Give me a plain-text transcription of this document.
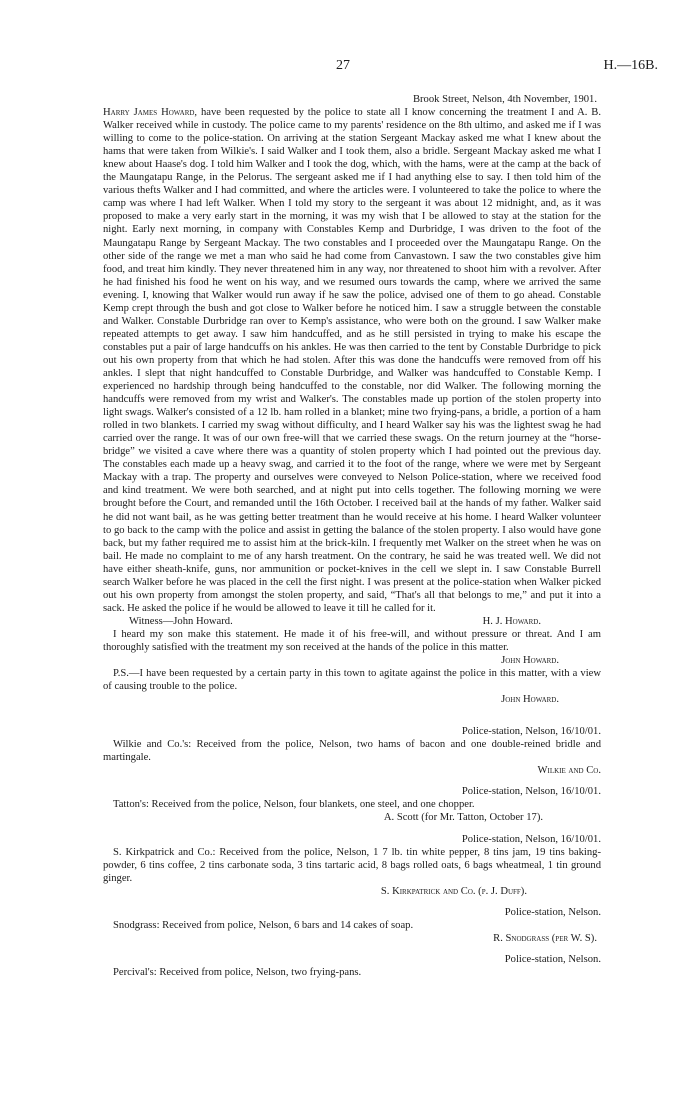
27	H.—16B.

Brook Street, Nelson, 4th November, 1901.

Harry James Howard, have been requested by the police to state all I know concerning the treatment I and A. B. Walker received while in custody. The police came to my parents' residence on the 8th ultimo, and asked me if I was willing to come to the police-station. On arriving at the station Sergeant Mackay asked me what I knew about the hams that were taken from Wilkie's. I said Walker and I took them, also a bridle. Sergeant Mackay asked me what I knew about Haase's dog. I told him Walker and I took the dog, which, with the hams, were at the camp at the back of the Maungatapu Range, in the Pelorus. The sergeant asked me if I had anything else to say. I then told him of the various thefts Walker and I had committed, and where the articles were. I volunteered to take the police to where the camp was where I had left Walker. When I told my story to the sergeant it was about 12 midnight, and, as it was proposed to make a very early start in the morning, it was my wish that I be allowed to stay at the station for the night. Early next morning, in company with Constables Kemp and Durbridge, I was driven to the foot of the Maungatapu Range by Sergeant Mackay. The two constables and I proceeded over the Maungatapu Range. On the other side of the range we met a man who said he had come from Canvastown. I saw the two constables give him food, and treat him kindly. They never threatened him in any way, nor threatened to shoot him with a revolver. After he had finished his food he went on his way, and we resumed ours towards the camp, where we arrived the same evening. I, knowing that Walker would run away if he saw the police, advised one of them to go ahead. Constable Kemp crept through the bush and got close to Walker before he noticed him. I saw a struggle between the constable and Walker. Constable Durbridge ran over to Kemp's assistance, who were both on the ground. I saw Walker make repeated attempts to get away. I saw him handcuffed, and as he still persisted in trying to make his escape the constables put a pair of large handcuffs on his ankles. He was then carried to the tent by Constable Durbridge to pick out his own property from that which he had stolen. After this was done the handcuffs were removed from off his ankles. I slept that night handcuffed to Constable Durbridge, and Walker was handcuffed to Constable Kemp. I experienced no hardship through being handcuffed to the constable, nor did Walker. The following morning the handcuffs were removed from my wrist and Walker's. The constables made up portion of the stolen property into light swags. Walker's consisted of a 12 lb. ham rolled in a blanket; mine two frying-pans, a bridle, a portion of a ham rolled in two blankets. I carried my swag without difficulty, and I heard Walker say his was the lightest swag he had carried over the range. It was of our own free-will that we carried these swags. On the return journey at the “horse-bridge” we visited a cave where there was a quantity of stolen property which I had pointed out the previous day. The constables each made up a heavy swag, and carried it to the foot of the range, where we were met by Sergeant Mackay with a trap. The property and ourselves were conveyed to Nelson Police-station, where we received food and kind treatment. We were both searched, and at night put into cells together. The following morning we were brought before the Court, and remanded until the 16th October. I received bail at the hands of my father. Walker said he did not want bail, as he was getting better treatment than he would receive at his home. I heard Walker volunteer to go back to the camp with the police and assist in getting the balance of the stolen property. I also would have gone back, but my father required me to assist him at the brick-kiln. I frequently met Walker on the street when he was on bail. He made no complaint to me of any harsh treatment. On the contrary, he said he was treated well. We did not have either sheath-knife, guns, nor ammunition or pocket-knives in the cell we slept in. I saw Constable Burrell search Walker before he was placed in the cell the first night. I was present at the police-station when Walker picked out his own property from amongst the stolen property, and said, “That's all that belongs to me,” and put it into a sack. He asked the police if he would be allowed to leave it till he called for it.

Witness—John Howard.	H. J. Howard.

I heard my son make this statement. He made it of his free-will, and without pressure or threat. And I am thoroughly satisfied with the treatment my son received at the hands of the police in this matter.

John Howard.

P.S.—I have been requested by a certain party in this town to agitate against the police in this matter, with a view of causing trouble to the police.

John Howard.

Police-station, Nelson, 16/10/01.

Wilkie and Co.'s: Received from the police, Nelson, two hams of bacon and one double-reined bridle and martingale.

Wilkie and Co.

Police-station, Nelson, 16/10/01.

Tatton's: Received from the police, Nelson, four blankets, one steel, and one chopper.

A. Scott (for Mr. Tatton, October 17).

Police-station, Nelson, 16/10/01.

S. Kirkpatrick and Co.: Received from the police, Nelson, 1 7 lb. tin white pepper, 8 tins jam, 19 tins baking-powder, 6 tins coffee, 2 tins carbonate soda, 3 tins tartaric acid, 8 bags rolled oats, 6 bags wheatmeal, 1 tin ground ginger.

S. Kirkpatrick and Co. (p. J. Duff).

Police-station, Nelson.

Snodgrass: Received from police, Nelson, 6 bars and 14 cakes of soap.

R. Snodgrass (per W. S).

Police-station, Nelson.

Percival's: Received from police, Nelson, two frying-pans.
